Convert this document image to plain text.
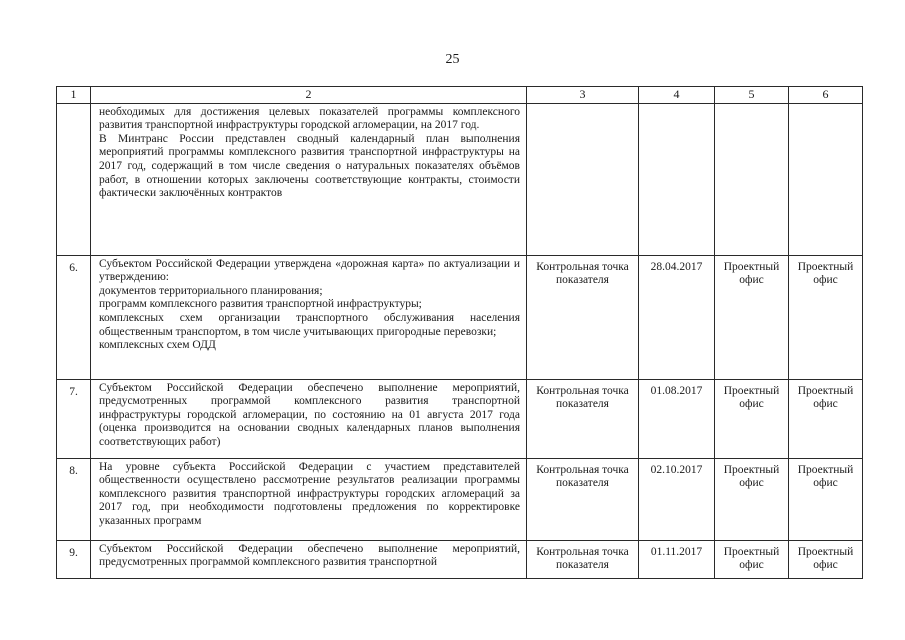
25
1	2	3	4	5	6

	необходимых для достижения целевых показателей программы комплексного развития транспортной инфраструктуры городской агломерации, на 2017 год.

В Минтранс России представлен сводный календарный план выполнения мероприятий программы комплексного развития транспортной инфраструктуры на 2017 год, содержащий в том числе сведения о натуральных показателях объёмов работ, в отношении которых заключены соответствующие контракты, стоимости фактически заключённых контрактов				

6.	Субъектом Российской Федерации утверждена «дорожная карта» по актуализации и утверждению:

документов территориального планирования;

программ комплексного развития транспортной инфраструктуры;

комплексных схем организации транспортного обслуживания населения общественным транспортом, в том числе учитывающих пригородные перевозки;

комплексных схем ОДД	Контрольная точка показателя	28.04.2017	Проектный офис	Проектный офис
7.	Субъектом Российской Федерации обеспечено выполнение мероприятий, предусмотренных программой комплексного развития транспортной инфраструктуры городской агломерации, по состоянию на 01 августа 2017 года (оценка производится на основании сводных календарных планов выполнения соответствующих работ)	Контрольная точка показателя	01.08.2017	Проектный офис	Проектный офис
8.	На уровне субъекта Российской Федерации с участием представителей общественности осуществлено рассмотрение результатов реализации программы комплексного развития транспортной инфраструктуры городских агломераций за 2017 год, при необходимости подготовлены предложения по корректировке указанных программ	Контрольная точка показателя	02.10.2017	Проектный офис	Проектный офис
9.	Субъектом Российской Федерации обеспечено выполнение мероприятий, предусмотренных программой комплексного развития транспортной	Контрольная точка показателя	01.11.2017	Проектный офис	Проектный офис
